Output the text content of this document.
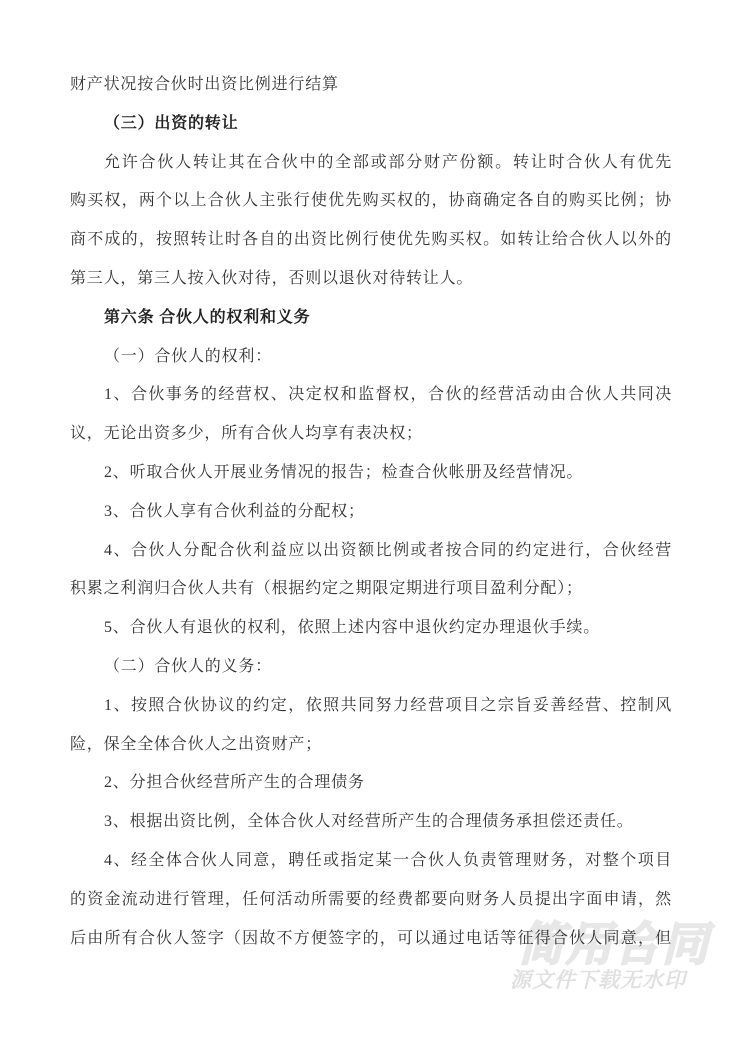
简用合同
源文件下载无水印
财产状况按合伙时出资比例进行结算
（三）出资的转让
允许合伙人转让其在合伙中的全部或部分财产份额。转让时合伙人有优先
购买权，两个以上合伙人主张行使优先购买权的，协商确定各自的购买比例；协
商不成的，按照转让时各自的出资比例行使优先购买权。如转让给合伙人以外的
第三人，第三人按入伙对待，否则以退伙对待转让人。
第六条 合伙人的权利和义务
（一）合伙人的权利：
1、合伙事务的经营权、决定权和监督权，合伙的经营活动由合伙人共同决
议，无论出资多少，所有合伙人均享有表决权；
2、听取合伙人开展业务情况的报告；检查合伙帐册及经营情况。
3、合伙人享有合伙利益的分配权；
4、合伙人分配合伙利益应以出资额比例或者按合同的约定进行，合伙经营
积累之利润归合伙人共有（根据约定之期限定期进行项目盈利分配）；
5、合伙人有退伙的权利，依照上述内容中退伙约定办理退伙手续。
（二）合伙人的义务：
1、按照合伙协议的约定，依照共同努力经营项目之宗旨妥善经营、控制风
险，保全全体合伙人之出资财产；
2、分担合伙经营所产生的合理债务
3、根据出资比例，全体合伙人对经营所产生的合理债务承担偿还责任。
4、经全体合伙人同意，聘任或指定某一合伙人负责管理财务，对整个项目
的资金流动进行管理，任何活动所需要的经费都要向财务人员提出字面申请，然
后由所有合伙人签字（因故不方便签字的，可以通过电话等征得合伙人同意，但
